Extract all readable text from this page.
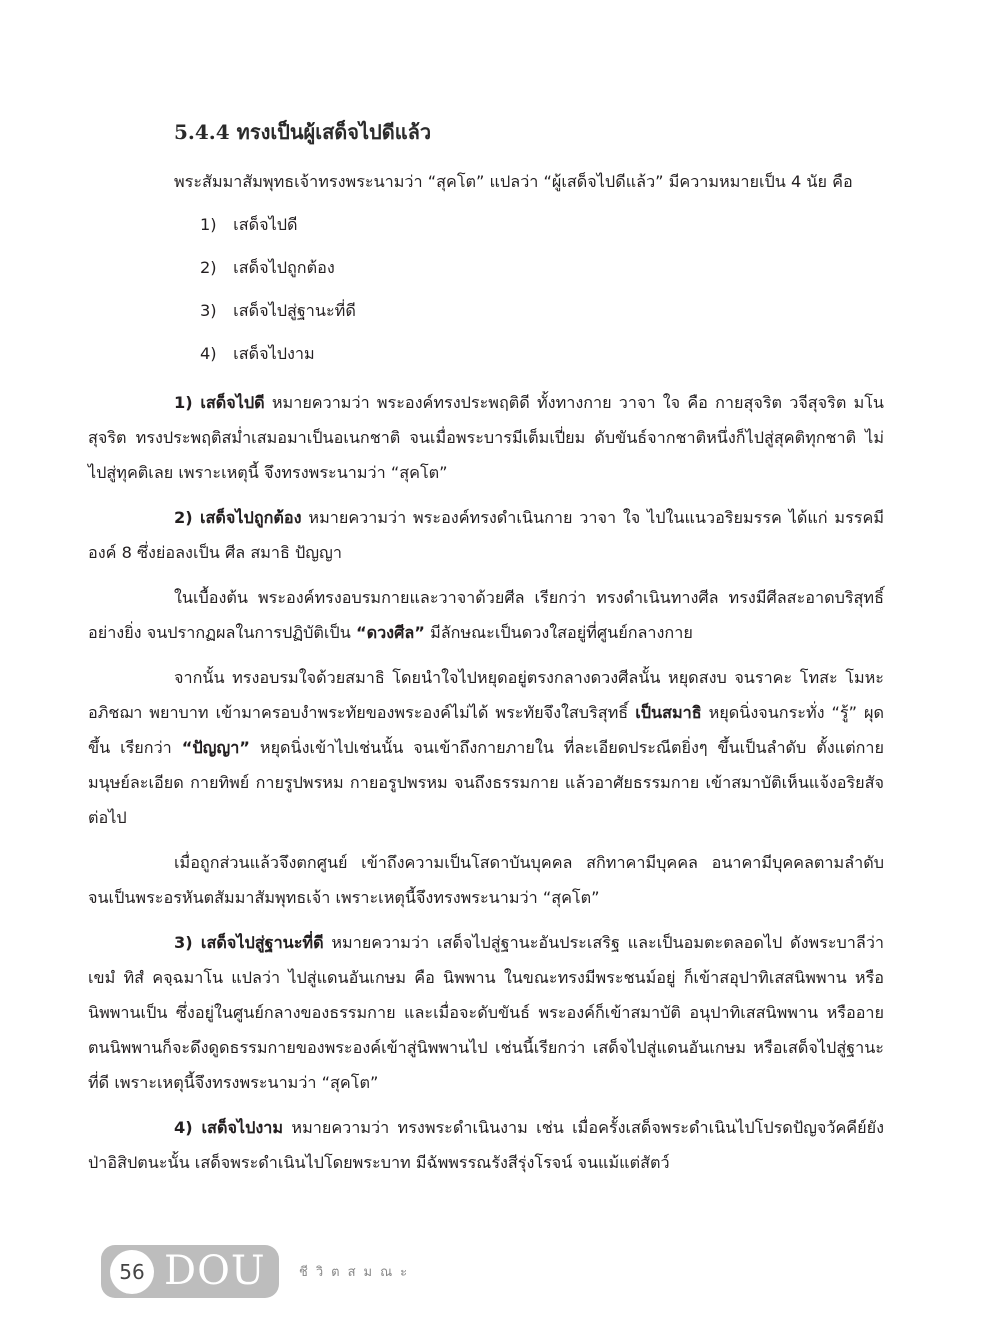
5.4.4 ทรงเป็นผู้เสด็จไปดีแล้ว

พระสัมมาสัมพุทธเจ้าทรงพระนามว่า “สุคโต” แปลว่า “ผู้เสด็จไปดีแล้ว” มีความหมายเป็น 4 นัย คือ

1) เสด็จไปดี
2) เสด็จไปถูกต้อง
3) เสด็จไปสู่ฐานะที่ดี
4) เสด็จไปงาม

1) เสด็จไปดี หมายความว่า พระองค์ทรงประพฤติดี ทั้งทางกาย วาจา ใจ คือ กายสุจริต วจีสุจริต มโนสุจริต ทรงประพฤติสม่ำเสมอมาเป็นอเนกชาติ จนเมื่อพระบารมีเต็มเปี่ยม ดับขันธ์จากชาติหนึ่งก็ไปสู่สุคติทุกชาติ ไม่ไปสู่ทุคติเลย เพราะเหตุนี้ จึงทรงพระนามว่า “สุคโต”

2) เสด็จไปถูกต้อง หมายความว่า พระองค์ทรงดำเนินกาย วาจา ใจ ไปในแนวอริยมรรค ได้แก่ มรรคมีองค์ 8 ซึ่งย่อลงเป็น ศีล สมาธิ ปัญญา

ในเบื้องต้น พระองค์ทรงอบรมกายและวาจาด้วยศีล เรียกว่า ทรงดำเนินทางศีล ทรงมีศีลสะอาดบริสุทธิ์อย่างยิ่ง จนปรากฏผลในการปฏิบัติเป็น “ดวงศีล” มีลักษณะเป็นดวงใสอยู่ที่ศูนย์กลางกาย

จากนั้น ทรงอบรมใจด้วยสมาธิ โดยนำใจไปหยุดอยู่ตรงกลางดวงศีลนั้น หยุดสงบ จนราคะ โทสะ โมหะ อภิชฌา พยาบาท เข้ามาครอบงำพระทัยของพระองค์ไม่ได้ พระทัยจึงใสบริสุทธิ์ เป็นสมาธิ หยุดนิ่งจนกระทั่ง “รู้” ผุดขึ้น เรียกว่า “ปัญญา” หยุดนิ่งเข้าไปเช่นนั้น จนเข้าถึงกายภายใน ที่ละเอียดประณีตยิ่งๆ ขึ้นเป็นลำดับ ตั้งแต่กายมนุษย์ละเอียด กายทิพย์ กายรูปพรหม กายอรูปพรหม จนถึงธรรมกาย แล้วอาศัยธรรมกาย เข้าสมาบัติเห็นแจ้งอริยสัจต่อไป

เมื่อถูกส่วนแล้วจึงตกศูนย์ เข้าถึงความเป็นโสดาบันบุคคล สกิทาคามีบุคคล อนาคามีบุคคลตามลำดับ จนเป็นพระอรหันตสัมมาสัมพุทธเจ้า เพราะเหตุนี้จึงทรงพระนามว่า “สุคโต”

3) เสด็จไปสู่ฐานะที่ดี หมายความว่า เสด็จไปสู่ฐานะอันประเสริฐ และเป็นอมตะตลอดไป ดังพระบาลีว่า เขมํ ทิสํ คจฺฉมาโน แปลว่า ไปสู่แดนอันเกษม คือ นิพพาน ในขณะทรงมีพระชนม์อยู่ ก็เข้าสอุปาทิเสสนิพพาน หรือ นิพพานเป็น ซึ่งอยู่ในศูนย์กลางของธรรมกาย และเมื่อจะดับขันธ์ พระองค์ก็เข้าสมาบัติ อนุปาทิเสสนิพพาน หรืออายตนนิพพานก็จะดึงดูดธรรมกายของพระองค์เข้าสู่นิพพานไป เช่นนี้เรียกว่า เสด็จไปสู่แดนอันเกษม หรือเสด็จไปสู่ฐานะที่ดี เพราะเหตุนี้จึงทรงพระนามว่า “สุคโต”

4) เสด็จไปงาม หมายความว่า ทรงพระดำเนินงาม เช่น เมื่อครั้งเสด็จพระดำเนินไปโปรดปัญจวัคคีย์ยังป่าอิสิปตนะนั้น เสด็จพระดำเนินไปโดยพระบาท มีฉัพพรรณรังสีรุ่งโรจน์ จนแม้แต่สัตว์

56 DOU	ชีวิตสมณะ
